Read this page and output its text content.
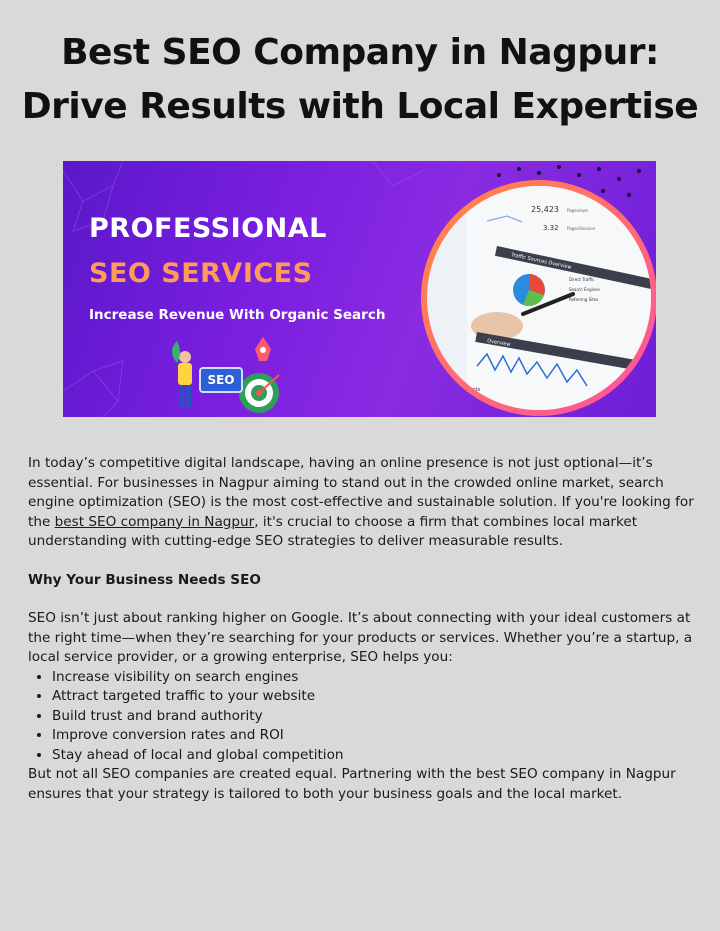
Best SEO Company in Nagpur:
Drive Results with Local Expertise

PROFESSIONAL

SEO SERVICES

Increase Revenue With Organic Search

SEO
25,423 Pageviews
3.32 Pages/Session
Traffic Sources Overview
Direct Traffic
Search Engines
Referring Sites
Overview
Visits
2,358

In today’s competitive digital landscape, having an online presence is not just optional—it’s essential. For businesses in Nagpur aiming to stand out in the crowded online market, search engine optimization (SEO) is the most cost-effective and sustainable solution. If you're looking for the best SEO company in Nagpur, it's crucial to choose a firm that combines local market understanding with cutting-edge SEO strategies to deliver measurable results.

Why Your Business Needs SEO

SEO isn’t just about ranking higher on Google. It’s about connecting with your ideal customers at the right time—when they’re searching for your products or services. Whether you’re a startup, a local service provider, or a growing enterprise, SEO helps you:

• Increase visibility on search engines
• Attract targeted traffic to your website
• Build trust and brand authority
• Improve conversion rates and ROI
• Stay ahead of local and global competition

But not all SEO companies are created equal. Partnering with the best SEO company in Nagpur ensures that your strategy is tailored to both your business goals and the local market.
